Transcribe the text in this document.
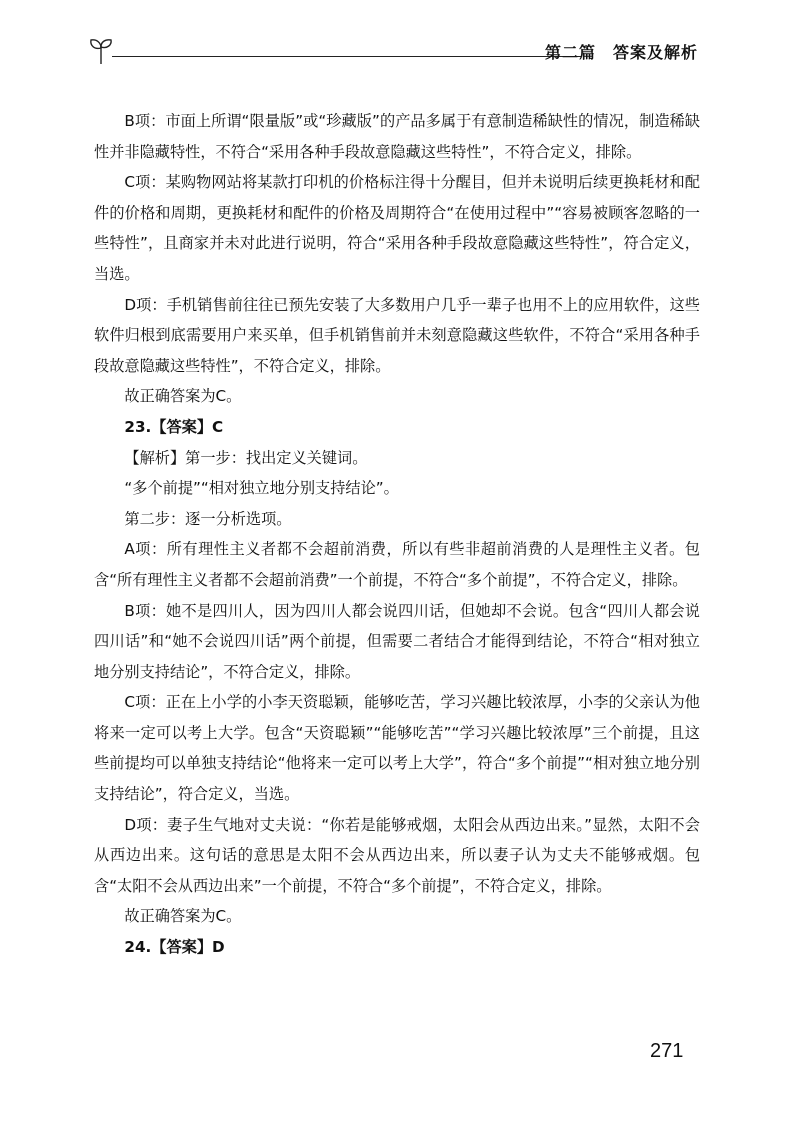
第二篇　答案及解析

B项：市面上所谓“限量版”或“珍藏版”的产品多属于有意制造稀缺性的情况，制造稀缺性并非隐藏特性，不符合“采用各种手段故意隐藏这些特性”，不符合定义，排除。

C项：某购物网站将某款打印机的价格标注得十分醒目，但并未说明后续更换耗材和配件的价格和周期，更换耗材和配件的价格及周期符合“在使用过程中”“容易被顾客忽略的一些特性”，且商家并未对此进行说明，符合“采用各种手段故意隐藏这些特性”，符合定义，当选。

D项：手机销售前往往已预先安装了大多数用户几乎一辈子也用不上的应用软件，这些软件归根到底需要用户来买单，但手机销售前并未刻意隐藏这些软件，不符合“采用各种手段故意隐藏这些特性”，不符合定义，排除。

故正确答案为C。

23.【答案】C

【解析】第一步：找出定义关键词。

“多个前提”“相对独立地分别支持结论”。

第二步：逐一分析选项。

A项：所有理性主义者都不会超前消费，所以有些非超前消费的人是理性主义者。包含“所有理性主义者都不会超前消费”一个前提，不符合“多个前提”，不符合定义，排除。

B项：她不是四川人，因为四川人都会说四川话，但她却不会说。包含“四川人都会说四川话”和“她不会说四川话”两个前提，但需要二者结合才能得到结论，不符合“相对独立地分别支持结论”，不符合定义，排除。

C项：正在上小学的小李天资聪颖，能够吃苦，学习兴趣比较浓厚，小李的父亲认为他将来一定可以考上大学。包含“天资聪颖”“能够吃苦”“学习兴趣比较浓厚”三个前提，且这些前提均可以单独支持结论“他将来一定可以考上大学”，符合“多个前提”“相对独立地分别支持结论”，符合定义，当选。

D项：妻子生气地对丈夫说：“你若是能够戒烟，太阳会从西边出来。”显然，太阳不会从西边出来。这句话的意思是太阳不会从西边出来，所以妻子认为丈夫不能够戒烟。包含“太阳不会从西边出来”一个前提，不符合“多个前提”，不符合定义，排除。

故正确答案为C。

24.【答案】D

271
